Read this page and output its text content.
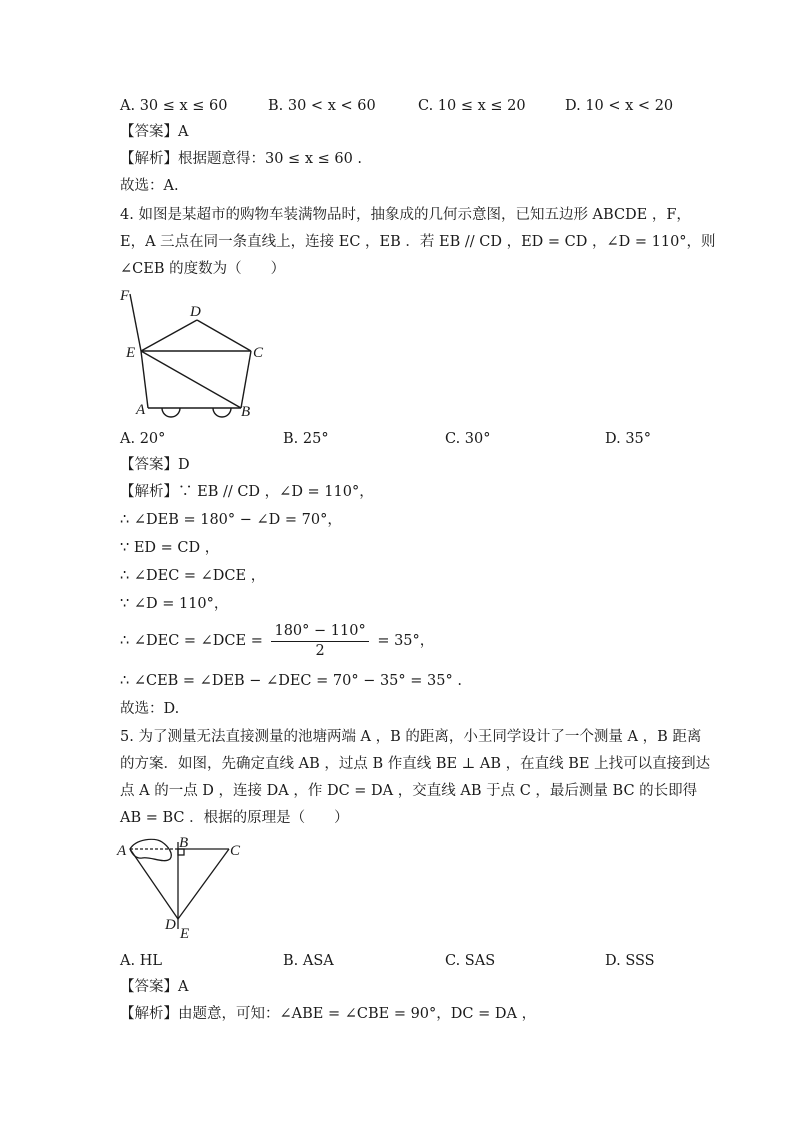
A. 30 ≤ x ≤ 60	B. 30 < x < 60	C. 10 ≤ x ≤ 20	D. 10 < x < 20
【答案】A
【解析】根据题意得：30 ≤ x ≤ 60 .
故选：A.
4. 如图是某超市的购物车装满物品时，抽象成的几何示意图，已知五边形 ABCDE ，F，
E，A 三点在同一条直线上，连接 EC ，EB ．若 EB // CD ，ED = CD ，∠D = 110°，则
∠CEB 的度数为（　　）
F
D
E	C
A	B
A. 20°	B. 25°	C. 30°	D. 35°
【答案】D
【解析】∵ EB // CD ，∠D = 110°，
∴ ∠DEB = 180° − ∠D = 70°，
∵ ED = CD ，
∴ ∠DEC = ∠DCE ，
∵ ∠D = 110°，
∴ ∠DEC = ∠DCE = $\frac{180^\circ - 110^\circ}{2} = 35^\circ$，
∴ ∠CEB = ∠DEB − ∠DEC = 70° − 35° = 35° .
故选：D.
5. 为了测量无法直接测量的池塘两端 A ，B 的距离，小王同学设计了一个测量 A ，B 距离
的方案．如图，先确定直线 AB ，过点 B 作直线 BE ⊥ AB ，在直线 BE 上找可以直接到达
点 A 的一点 D ，连接 DA ，作 DC = DA ，交直线 AB 于点 C ，最后测量 BC 的长即得
AB = BC ．根据的原理是（　　）
A	B	C
D
E
A. HL	B. ASA	C. SAS	D. SSS
【答案】A
【解析】由题意，可知：∠ABE = ∠CBE = 90°，DC = DA ，
